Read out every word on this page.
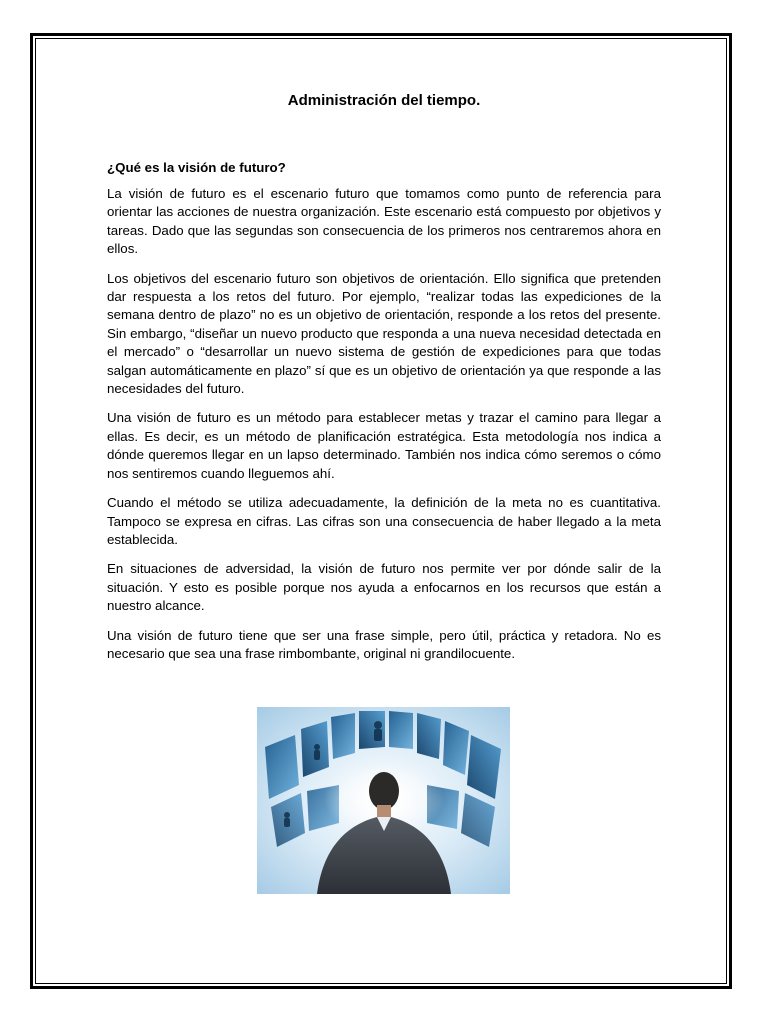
Administración del tiempo.
¿Qué es la visión de futuro?

La visión de futuro es el escenario futuro que tomamos como punto de referencia para orientar las acciones de nuestra organización. Este escenario está compuesto por objetivos y tareas. Dado que las segundas son consecuencia de los primeros nos centraremos ahora en ellos.

Los objetivos del escenario futuro son objetivos de orientación. Ello significa que pretenden dar respuesta a los retos del futuro. Por ejemplo, “realizar todas las expediciones de la semana dentro de plazo” no es un objetivo de orientación, responde a los retos del presente. Sin embargo, “diseñar un nuevo producto que responda a una nueva necesidad detectada en el mercado” o “desarrollar un nuevo sistema de gestión de expediciones para que todas salgan automáticamente en plazo” sí que es un objetivo de orientación ya que responde a las necesidades del futuro.

Una visión de futuro es un método para establecer metas y trazar el camino para llegar a ellas. Es decir, es un método de planificación estratégica. Esta metodología nos indica a dónde queremos llegar en un lapso determinado. También nos indica cómo seremos o cómo nos sentiremos cuando lleguemos ahí.

Cuando el método se utiliza adecuadamente, la definición de la meta no es cuantitativa. Tampoco se expresa en cifras. Las cifras son una consecuencia de haber llegado a la meta establecida.

En situaciones de adversidad, la visión de futuro nos permite ver por dónde salir de la situación. Y esto es posible porque nos ayuda a enfocarnos en los recursos que están a nuestro alcance.

Una visión de futuro tiene que ser una frase simple, pero útil, práctica y retadora. No es necesario que sea una frase rimbombante, original ni grandilocuente.
